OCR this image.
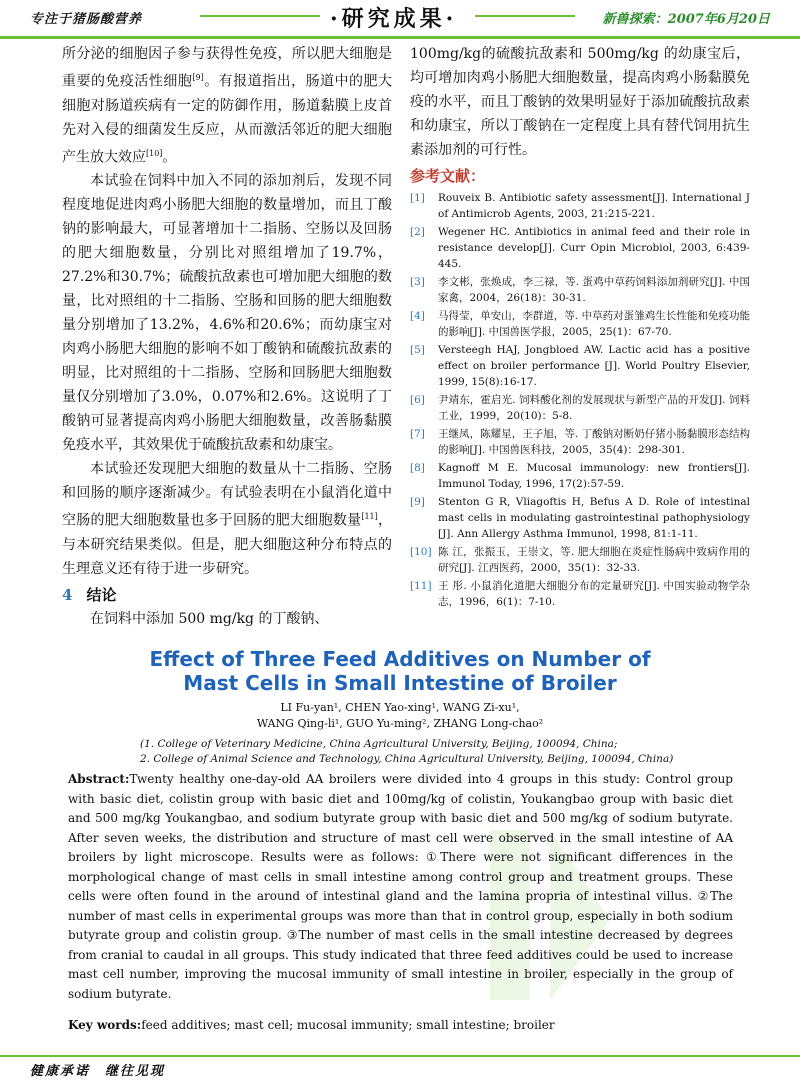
专注于猪肠酸营养	·研究成果·	新兽探索：2007年6月20日

所分泌的细胞因子参与获得性免疫，所以肥大细胞是重要的免疫活性细胞[9]。有报道指出，肠道中的肥大细胞对肠道疾病有一定的防御作用，肠道黏膜上皮首先对入侵的细菌发生反应，从而激活邻近的肥大细胞产生放大效应[10]。

本试验在饲料中加入不同的添加剂后，发现不同程度地促进肉鸡小肠肥大细胞的数量增加，而且丁酸钠的影响最大，可显著增加十二指肠、空肠以及回肠的肥大细胞数量，分别比对照组增加了19.7%，27.2%和30.7%；硫酸抗敌素也可增加肥大细胞的数量，比对照组的十二指肠、空肠和回肠的肥大细胞数量分别增加了13.2%，4.6%和20.6%；而幼康宝对肉鸡小肠肥大细胞的影响不如丁酸钠和硫酸抗敌素的明显，比对照组的十二指肠、空肠和回肠肥大细胞数量仅分别增加了3.0%，0.07%和2.6%。这说明了丁酸钠可显著提高肉鸡小肠肥大细胞数量，改善肠黏膜免疫水平，其效果优于硫酸抗敌素和幼康宝。

本试验还发现肥大细胞的数量从十二指肠、空肠和回肠的顺序逐渐减少。有试验表明在小鼠消化道中空肠的肥大细胞数量也多于回肠的肥大细胞数量[11]，与本研究结果类似。但是，肥大细胞这种分布特点的生理意义还有待于进一步研究。

4 结论

在饲料中添加 500 mg/kg 的丁酸钠、

100mg/kg的硫酸抗敌素和 500mg/kg 的幼康宝后，均可增加肉鸡小肠肥大细胞数量，提高肉鸡小肠黏膜免疫的水平，而且丁酸钠的效果明显好于添加硫酸抗敌素和幼康宝，所以丁酸钠在一定程度上具有替代饲用抗生素添加剂的可行性。

参考文献：
[1]	Rouveix B. Antibiotic safety assessment[J]. International J of Antimicrob Agents, 2003, 21:215-221.
[2]	Wegener HC. Antibiotics in animal feed and their role in resistance develop[J]. Curr Opin Microbiol, 2003, 6:439-445.
[3]	李文彬，张焕成，李三禄，等. 蛋鸡中草药饲料添加剂研究[J]. 中国家禽，2004，26(18)：30-31.
[4]	马得莹，单安山，李群道，等. 中草药对蛋雏鸡生长性能和免疫功能的影响[J]. 中国兽医学报，2005，25(1)：67-70.
[5]	Versteegh HAJ, Jongbloed AW. Lactic acid has a positive effect on broiler performance [J]. World Poultry Elsevier, 1999, 15(8):16-17.
[6]	尹靖东，霍启光. 饲料酸化剂的发展现状与新型产品的开发[J]. 饲料工业，1999，20(10)：5-8.
[7]	王继凤，陈耀星，王子旭，等. 丁酸钠对断奶仔猪小肠黏膜形态结构的影响[J]. 中国兽医科技，2005，35(4)：298-301.
[8]	Kagnoff M E. Mucosal immunology: new frontiers[J]. Immunol Today, 1996, 17(2):57-59.
[9]	Stenton G R, Vliagoftis H, Befus A D. Role of intestinal mast cells in modulating gastrointestinal pathophysiology [J]. Ann Allergy Asthma Immunol, 1998, 81:1-11.
[10] 陈 江，张振玉，王崇文，等. 肥大细胞在炎症性肠病中致病作用的研究[J]. 江西医药，2000，35(1)：32-33.
[11] 王 彤. 小鼠消化道肥大细胞分布的定量研究[J]. 中国实验动物学杂志，1996，6(1)：7-10.
Effect of Three Feed Additives on Number of
Mast Cells in Small Intestine of Broiler
LI Fu-yan¹, CHEN Yao-xing¹, WANG Zi-xu¹,
WANG Qing-li¹, GUO Yu-ming², ZHANG Long-chao²
(1. College of Veterinary Medicine, China Agricultural University, Beijing, 100094, China;
2. College of Animal Science and Technology, China Agricultural University, Beijing, 100094, China)
Abstract:Twenty healthy one-day-old AA broilers were divided into 4 groups in this study: Control group with basic diet, colistin group with basic diet and 100mg/kg of colistin, Youkangbao group with basic diet and 500 mg/kg Youkangbao, and sodium butyrate group with basic diet and 500 mg/kg of sodium butyrate. After seven weeks, the distribution and structure of mast cell were observed in the small intestine of AA broilers by light microscope. Results were as follows: ①There were not significant differences in the morphological change of mast cells in small intestine among control group and treatment groups. These cells were often found in the around of intestinal gland and the lamina propria of intestinal villus. ②The number of mast cells in experimental groups was more than that in control group, especially in both sodium butyrate group and colistin group. ③The number of mast cells in the small intestine decreased by degrees from cranial to caudal in all groups. This study indicated that three feed additives could be used to increase mast cell number, improving the mucosal immunity of small intestine in broiler, especially in the group of sodium butyrate.
Key words:feed additives; mast cell; mucosal immunity; small intestine; broiler
健康承诺　继往见现
